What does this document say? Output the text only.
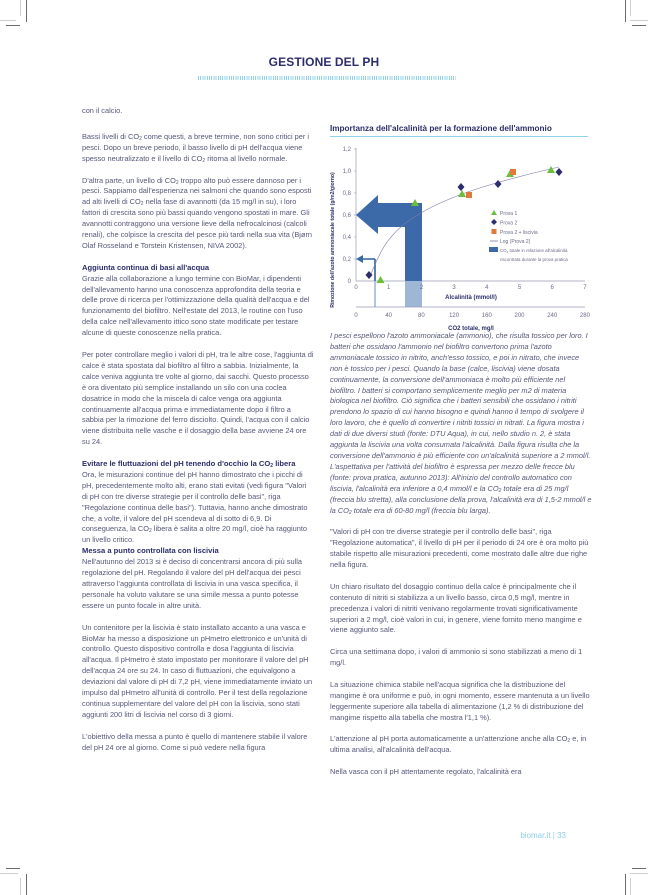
GESTIONE DEL PH

con il calcio.

Bassi livelli di $CO_2$ come questi, a breve termine, non sono critici per i pesci. Dopo un breve periodo, il basso livello di pH dell'acqua viene spesso neutralizzato e il livello di $CO_2$ ritorna al livello normale.

D'altra parte, un livello di $CO_2$ troppo alto può essere dannoso per i pesci. Sappiamo dall'esperienza nei salmoni che quando sono esposti ad alti livelli di $CO_2$ nella fase di avannotti (da 15 mg/l in su), i loro fattori di crescita sono più bassi quando vengono spostati in mare. Gli avannotti contraggono una versione lieve della nefrocalcinosi (calcoli renali), che colpisce la crescita del pesce più tardi nella sua vita (Bjørn Olaf Rosseland e Torstein Kristensen, NIVA 2002).

Aggiunta continua di basi all'acqua

Grazie alla collaborazione a lungo termine con BioMar, i dipendenti dell'allevamento hanno una conoscenza approfondita della teoria e delle prove di ricerca per l'ottimizzazione della qualità dell'acqua e del funzionamento del biofiltro. Nell'estate del 2013, le routine con l'uso della calce nell'allevamento ittico sono state modificate per testare alcune di queste conoscenze nella pratica.

Per poter controllare meglio i valori di pH, tra le altre cose, l'aggiunta di calce è stata spostata dal biofiltro al filtro a sabbia. Inizialmente, la calce veniva aggiunta tre volte al giorno, dai sacchi. Questo processo è ora diventato più semplice installando un silo con una coclea dosatrice in modo che la miscela di calce venga ora aggiunta continuamente all'acqua prima e immediatamente dopo il filtro a sabbia per la rimozione del ferro disciolto. Quindi, l'acqua con il calcio viene distribuita nelle vasche e il dosaggio della base avviene 24 ore su 24.

Evitare le fluttuazioni del pH tenendo d'occhio la $CO_2$ libera

Ora, le misurazioni continue del pH hanno dimostrato che i picchi di pH, precedentemente molto alti, erano stati evitati (vedi figura "Valori di pH con tre diverse strategie per il controllo delle basi", riga "Regolazione continua delle basi"). Tuttavia, hanno anche dimostrato che, a volte, il valore del pH scendeva al di sotto di 6,9. Di conseguenza, la $CO_2$ libera è salita a oltre 20 mg/l, cioè ha raggiunto un livello critico.

Messa a punto controllata con liscivia

Nell'autunno del 2013 si è deciso di concentrarsi ancora di più sulla regolazione del pH. Regolando il valore del pH dell'acqua dei pesci attraverso l'aggiunta controllata di liscivia in una vasca specifica, il personale ha voluto valutare se una simile messa a punto potesse essere un punto focale in altre unità.

Un contenitore per la liscivia è stato installato accanto a una vasca e BioMar ha messo a disposizione un pHmetro elettronico e un'unità di controllo. Questo dispositivo controlla e dosa l'aggiunta di liscivia all'acqua. Il pHmetro è stato impostato per monitorare il valore del pH dell'acqua 24 ore su 24. In caso di fluttuazioni, che equivalgono a deviazioni dal valore di pH di 7,2 pH, viene immediatamente inviato un impulso dal pHmetro all'unità di controllo. Per il test della regolazione continua supplementare del valore del pH con la liscivia, sono stati aggiunti 200 litri di liscivia nel corso di 3 giorni.

L'obiettivo della messa a punto è quello di mantenere stabile il valore del pH 24 ore al giorno. Come si può vedere nella figura

Importanza dell'alcalinità per la formazione dell'ammonio
Rimozione dell'azoto ammoniacale totale (g/m2/giorno) 0
0,2
0,4
0,6
0,8
1,0
1,2
0	1	2	3	4	5	6	7
Alcalinità (mmol/l)
0	40	80	120	160	200	240	280
CO2 totale, mg/l
Prova 1
Prova 2
Prova 2 + liscivia
Log (Prova 2)
$CO_2$ totale in relazione all'alcalinità
riscontrata durante la prova pratica

I pesci espellono l'azoto ammoniacale (ammonio), che risulta tossico per loro. I batteri che ossidano l'ammonio nel biofiltro convertono prima l'azoto ammoniacale tossico in nitrito, anch'esso tossico, e poi in nitrato, che invece non è tossico per i pesci. Quando la base (calce, liscivia) viene dosata continuamente, la conversione dell'ammoniaca è molto più efficiente nel biofiltro. I batteri si comportano semplicemente meglio per m2 di materia biologica nel biofiltro. Ciò significa che i batteri sensibili che ossidano i nitriti prendono lo spazio di cui hanno bisogno e quindi hanno il tempo di svolgere il loro lavoro, che è quello di convertire i nitriti tossici in nitrati. La figura mostra i dati di due diversi studi (fonte: DTU Aqua), in cui, nello studio n. 2, è stata aggiunta la liscivia una volta consumata l'alcalinità. Dalla figura risulta che la conversione dell'ammonio è più efficiente con un'alcalinità superiore a 2 mmol/l. L'aspettativa per l'attività del biofiltro è espressa per mezzo delle frecce blu (fonte: prova pratica, autunno 2013): All'inizio del controllo automatico con liscivia, l'alcalinità era inferiore a 0,4 mmol/l e la $CO_2$ totale era di 25 mg/l (freccia blu stretta), alla conclusione della prova, l'alcalinità era di 1,5-2 mmol/l e la $CO_2$ totale era di 60-80 mg/l (freccia blu larga).

"Valori di pH con tre diverse strategie per il controllo delle basi", riga "Regolazione automatica", il livello di pH per il periodo di 24 ore è ora molto più stabile rispetto alle misurazioni precedenti, come mostrato dalle altre due righe nella figura.

Un chiaro risultato del dosaggio continuo della calce è principalmente che il contenuto di nitriti si stabilizza a un livello basso, circa 0,5 mg/l, mentre in precedenza i valori di nitriti venivano regolarmente trovati significativamente superiori a 2 mg/l, cioè valori in cui, in genere, viene fornito meno mangime e viene aggiunto sale.

Circa una settimana dopo, i valori di ammonio si sono stabilizzati a meno di 1 mg/l.

La situazione chimica stabile nell'acqua significa che la distribuzione del mangime è ora uniforme e può, in ogni momento, essere mantenuta a un livello leggermente superiore alla tabella di alimentazione (1,2 % di distribuzione del mangime rispetto alla tabella che mostra l'1,1 %).

L'attenzione al pH porta automaticamente a un'attenzione anche alla $CO_2$ e, in ultima analisi, all'alcalinità dell'acqua.

Nella vasca con il pH attentamente regolato, l'alcalinità era

biomar.it | 33
